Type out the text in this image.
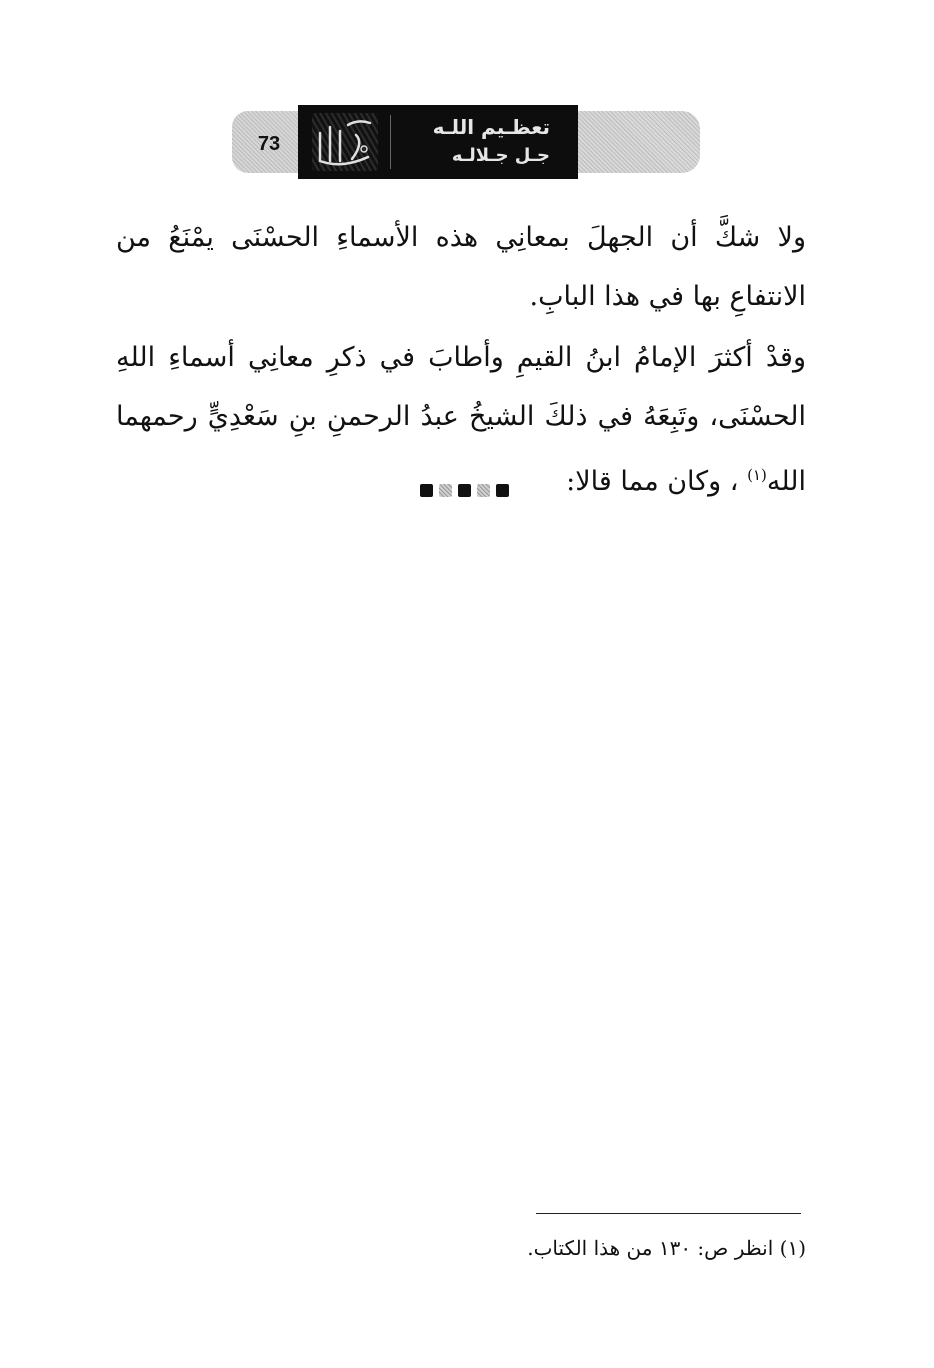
73
تعظـيم اللـه
جـل جـلالـه

ولا شكَّ أن الجهلَ بمعانِي هذه الأسماءِ الحسْنَى يمْنَعُ من الانتفاعِ بها في هذا البابِ.

وقدْ أكثرَ الإمامُ ابنُ القيمِ وأطابَ في ذكرِ معانِي أسماءِ اللهِ الحسْنَى، وتَبِعَهُ في ذلكَ الشيخُ عبدُ الرحمنِ بنِ سَعْدِيٍّ رحمهما الله$^{(١)}$ ، وكان مما قالا:

(١) انظر ص: ١٣٠ من هذا الكتاب.
